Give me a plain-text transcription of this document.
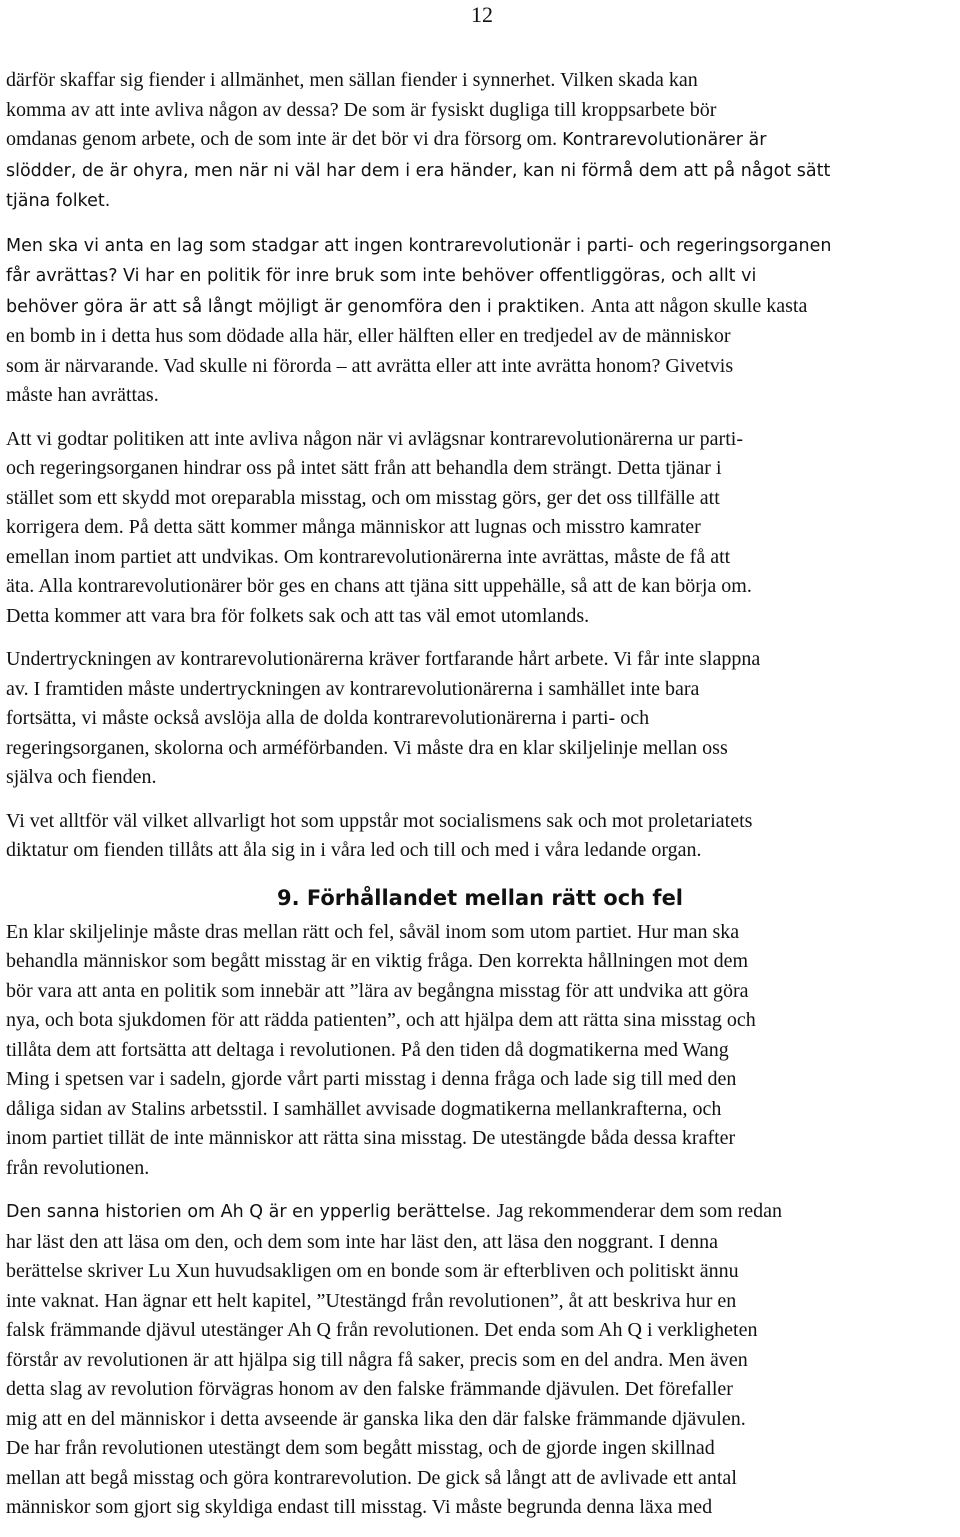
12

därför skaffar sig fiender i allmänhet, men sällan fiender i synnerhet. Vilken skada kan
komma av att inte avliva någon av dessa? De som är fysiskt dugliga till kroppsarbete bör
omdanas genom arbete, och de som inte är det bör vi dra försorg om. Kontrarevolutionärer är
slödder, de är ohyra, men när ni väl har dem i era händer, kan ni förmå dem att på något sätt
tjäna folket.

Men ska vi anta en lag som stadgar att ingen kontrarevolutionär i parti- och regeringsorganen
får avrättas? Vi har en politik för inre bruk som inte behöver offentliggöras, och allt vi
behöver göra är att så långt möjligt är genomföra den i praktiken. Anta att någon skulle kasta
en bomb in i detta hus som dödade alla här, eller hälften eller en tredjedel av de människor
som är närvarande. Vad skulle ni förorda – att avrätta eller att inte avrätta honom? Givetvis
måste han avrättas.

Att vi godtar politiken att inte avliva någon när vi avlägsnar kontrarevolutionärerna ur parti-
och regeringsorganen hindrar oss på intet sätt från att behandla dem strängt. Detta tjänar i
stället som ett skydd mot oreparabla misstag, och om misstag görs, ger det oss tillfälle att
korrigera dem. På detta sätt kommer många människor att lugnas och misstro kamrater
emellan inom partiet att undvikas. Om kontrarevolutionärerna inte avrättas, måste de få att
äta. Alla kontrarevolutionärer bör ges en chans att tjäna sitt uppehälle, så att de kan börja om.
Detta kommer att vara bra för folkets sak och att tas väl emot utomlands.

Undertryckningen av kontrarevolutionärerna kräver fortfarande hårt arbete. Vi får inte slappna
av. I framtiden måste undertryckningen av kontrarevolutionärerna i samhället inte bara
fortsätta, vi måste också avslöja alla de dolda kontrarevolutionärerna i parti- och
regeringsorganen, skolorna och arméförbanden. Vi måste dra en klar skiljelinje mellan oss
själva och fienden.

Vi vet alltför väl vilket allvarligt hot som uppstår mot socialismens sak och mot proletariatets
diktatur om fienden tillåts att åla sig in i våra led och till och med i våra ledande organ.

9. Förhållandet mellan rätt och fel

En klar skiljelinje måste dras mellan rätt och fel, såväl inom som utom partiet. Hur man ska
behandla människor som begått misstag är en viktig fråga. Den korrekta hållningen mot dem
bör vara att anta en politik som innebär att ”lära av begångna misstag för att undvika att göra
nya, och bota sjukdomen för att rädda patienten”, och att hjälpa dem att rätta sina misstag och
tillåta dem att fortsätta att deltaga i revolutionen. På den tiden då dogmatikerna med Wang
Ming i spetsen var i sadeln, gjorde vårt parti misstag i denna fråga och lade sig till med den
dåliga sidan av Stalins arbetsstil. I samhället avvisade dogmatikerna mellankrafterna, och
inom partiet tillät de inte människor att rätta sina misstag. De utestängde båda dessa krafter
från revolutionen.

Den sanna historien om Ah Q är en ypperlig berättelse. Jag rekommenderar dem som redan
har läst den att läsa om den, och dem som inte har läst den, att läsa den noggrant. I denna
berättelse skriver Lu Xun huvudsakligen om en bonde som är efterbliven och politiskt ännu
inte vaknat. Han ägnar ett helt kapitel, ”Utestängd från revolutionen”, åt att beskriva hur en
falsk främmande djävul utestänger Ah Q från revolutionen. Det enda som Ah Q i verkligheten
förstår av revolutionen är att hjälpa sig till några få saker, precis som en del andra. Men även
detta slag av revolution förvägras honom av den falske främmande djävulen. Det förefaller
mig att en del människor i detta avseende är ganska lika den där falske främmande djävulen.
De har från revolutionen utestängt dem som begått misstag, och de gjorde ingen skillnad
mellan att begå misstag och göra kontrarevolution. De gick så långt att de avlivade ett antal
människor som gjort sig skyldiga endast till misstag. Vi måste begrunda denna läxa med
